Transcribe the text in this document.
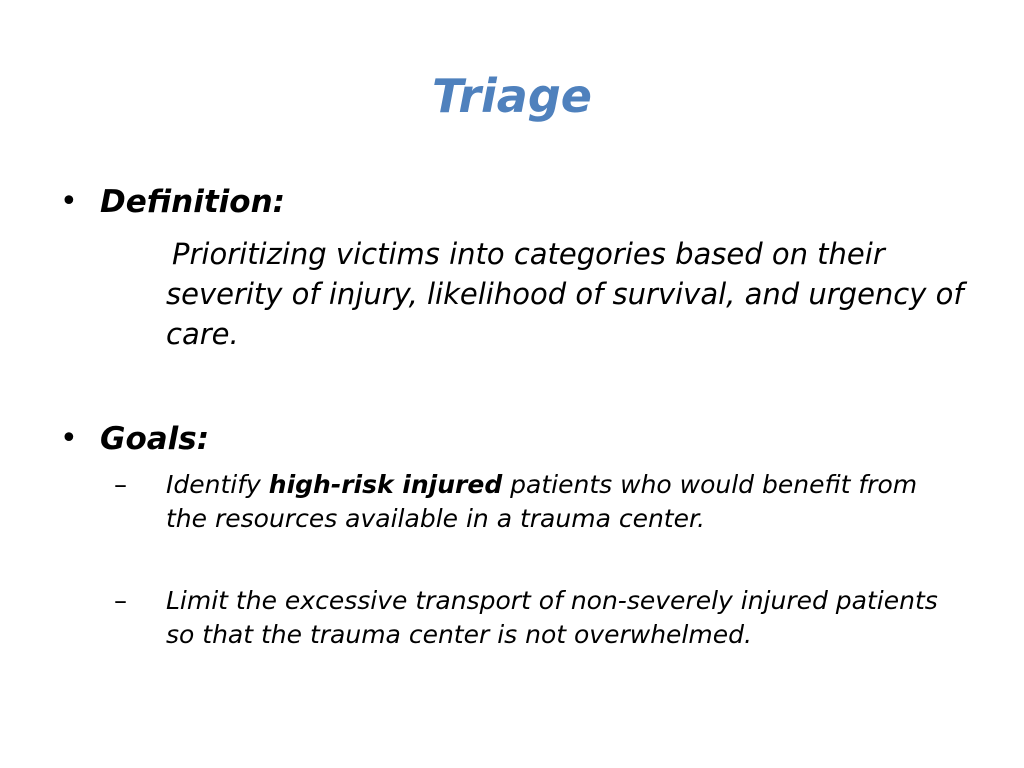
Triage
• Definition:

Prioritizing victims into categories based on their severity of injury, likelihood of survival, and urgency of care.

• Goals:

– Identify high-risk injured patients who would benefit from the resources available in a trauma center.

– Limit the excessive transport of non-severely injured patients so that the trauma center is not overwhelmed.
